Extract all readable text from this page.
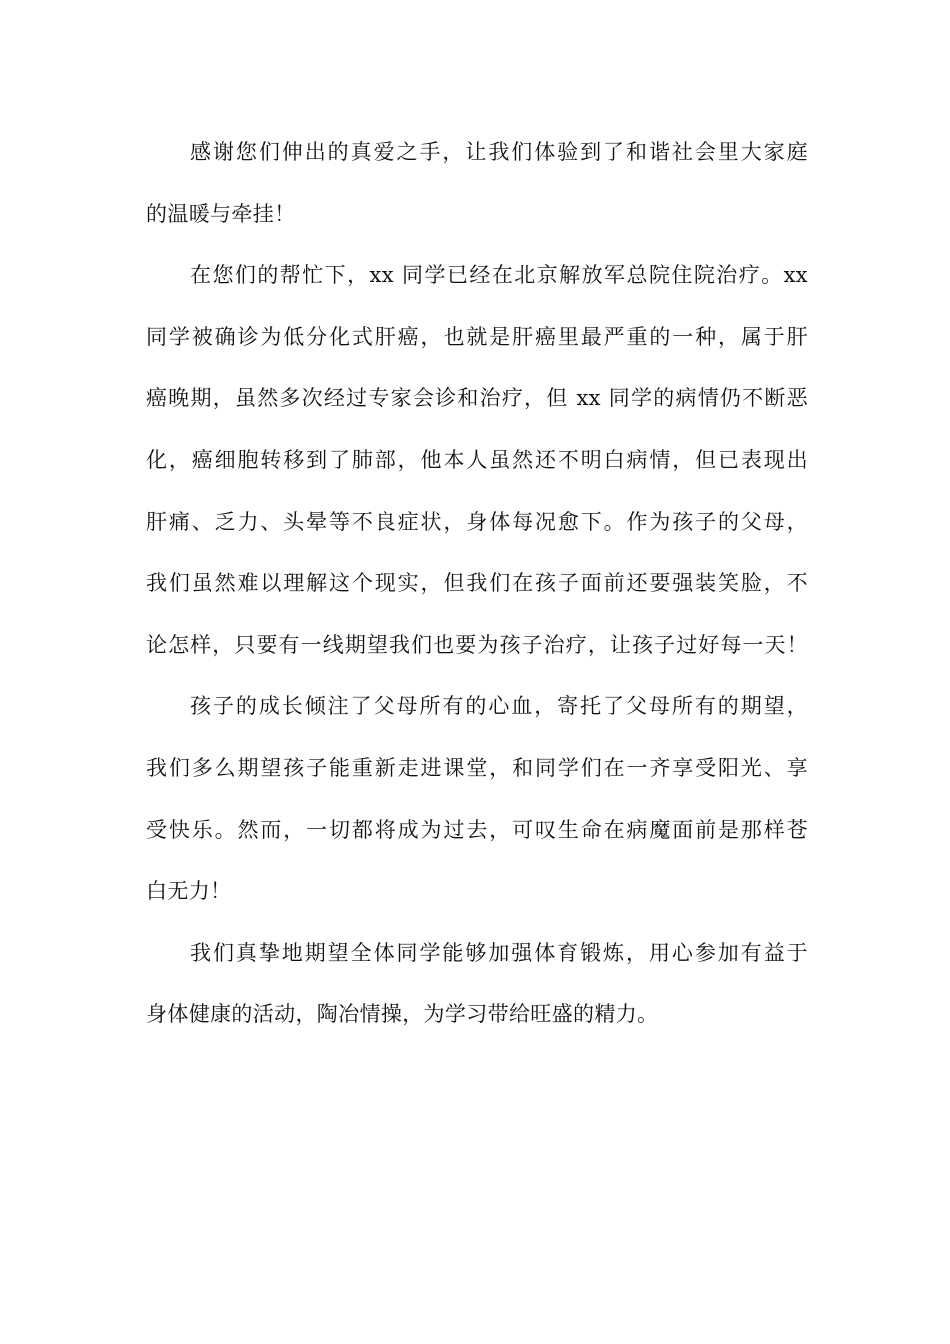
感谢您们伸出的真爱之手，让我们体验到了和谐社会里大家庭
的温暖与牵挂！
在您们的帮忙下，xx 同学已经在北京解放军总院住院治疗。xx
同学被确诊为低分化式肝癌，也就是肝癌里最严重的一种，属于肝
癌晚期，虽然多次经过专家会诊和治疗，但 xx 同学的病情仍不断恶
化，癌细胞转移到了肺部，他本人虽然还不明白病情，但已表现出
肝痛、乏力、头晕等不良症状，身体每况愈下。作为孩子的父母，
我们虽然难以理解这个现实，但我们在孩子面前还要强装笑脸，不
论怎样，只要有一线期望我们也要为孩子治疗，让孩子过好每一天！
孩子的成长倾注了父母所有的心血，寄托了父母所有的期望，
我们多么期望孩子能重新走进课堂，和同学们在一齐享受阳光、享
受快乐。然而，一切都将成为过去，可叹生命在病魔面前是那样苍
白无力！
我们真挚地期望全体同学能够加强体育锻炼，用心参加有益于
身体健康的活动，陶冶情操，为学习带给旺盛的精力。
